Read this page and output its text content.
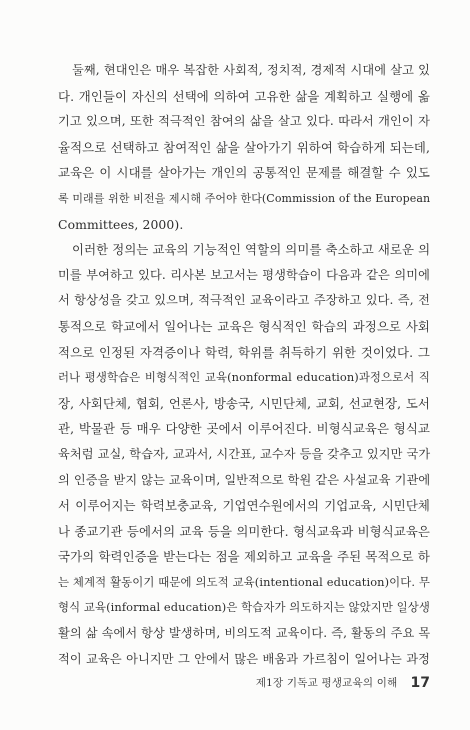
둘째, 현대인은 매우 복잡한 사회적, 정치적, 경제적 시대에 살고 있
다. 개인들이 자신의 선택에 의하여 고유한 삶을 계획하고 실행에 옮
기고 있으며, 또한 적극적인 참여의 삶을 살고 있다. 따라서 개인이 자
율적으로 선택하고 참여적인 삶을 살아가기 위하여 학습하게 되는데,
교육은 이 시대를 살아가는 개인의 공통적인 문제를 해결할 수 있도
록 미래를 위한 비전을 제시해 주어야 한다(Commission of the European
Committees, 2000).
이러한 정의는 교육의 기능적인 역할의 의미를 축소하고 새로운 의
미를 부여하고 있다. 리사본 보고서는 평생학습이 다음과 같은 의미에
서 항상성을 갖고 있으며, 적극적인 교육이라고 주장하고 있다. 즉, 전
통적으로 학교에서 일어나는 교육은 형식적인 학습의 과정으로 사회
적으로 인정된 자격증이나 학력, 학위를 취득하기 위한 것이었다. 그
러나 평생학습은 비형식적인 교육(nonformal education)과정으로서 직
장, 사회단체, 협회, 언론사, 방송국, 시민단체, 교회, 선교현장, 도서
관, 박물관 등 매우 다양한 곳에서 이루어진다. 비형식교육은 형식교
육처럼 교실, 학습자, 교과서, 시간표, 교수자 등을 갖추고 있지만 국가
의 인증을 받지 않는 교육이며, 일반적으로 학원 같은 사설교육 기관에
서 이루어지는 학력보충교육, 기업연수원에서의 기업교육, 시민단체
나 종교기관 등에서의 교육 등을 의미한다. 형식교육과 비형식교육은
국가의 학력인증을 받는다는 점을 제외하고 교육을 주된 목적으로 하
는 체계적 활동이기 때문에 의도적 교육(intentional education)이다. 무
형식 교육(informal education)은 학습자가 의도하지는 않았지만 일상생
활의 삶 속에서 항상 발생하며, 비의도적 교육이다. 즉, 활동의 주요 목
적이 교육은 아니지만 그 안에서 많은 배움과 가르침이 일어나는 과정
제1장 기독교 평생교육의 이해 17
